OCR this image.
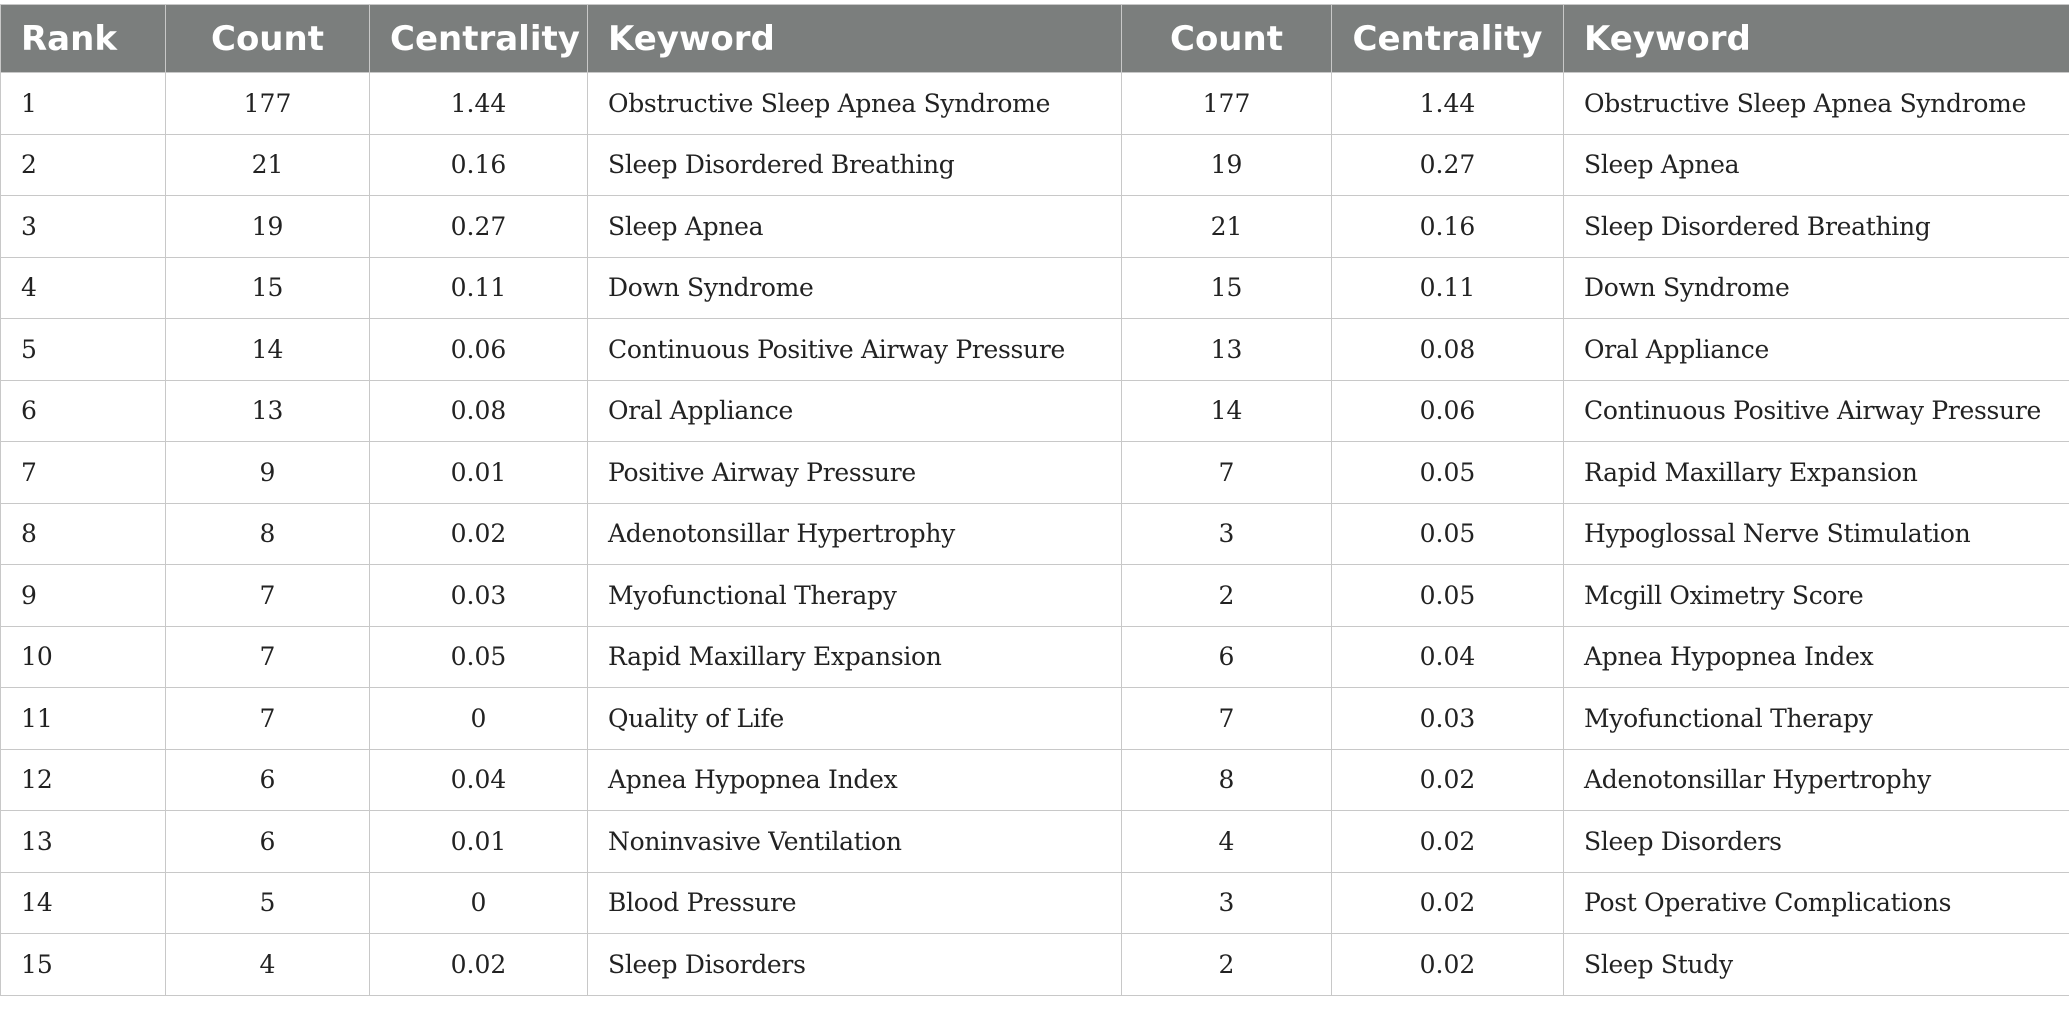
Rank	Count	Centrality	Keyword	Count	Centrality	Keyword
1	177	1.44	Obstructive Sleep Apnea Syndrome	177	1.44	Obstructive Sleep Apnea Syndrome
2	21	0.16	Sleep Disordered Breathing	19	0.27	Sleep Apnea
3	19	0.27	Sleep Apnea	21	0.16	Sleep Disordered Breathing
4	15	0.11	Down Syndrome	15	0.11	Down Syndrome
5	14	0.06	Continuous Positive Airway Pressure	13	0.08	Oral Appliance
6	13	0.08	Oral Appliance	14	0.06	Continuous Positive Airway Pressure
7	9	0.01	Positive Airway Pressure	7	0.05	Rapid Maxillary Expansion
8	8	0.02	Adenotonsillar Hypertrophy	3	0.05	Hypoglossal Nerve Stimulation
9	7	0.03	Myofunctional Therapy	2	0.05	Mcgill Oximetry Score
10	7	0.05	Rapid Maxillary Expansion	6	0.04	Apnea Hypopnea Index
11	7	0	Quality of Life	7	0.03	Myofunctional Therapy
12	6	0.04	Apnea Hypopnea Index	8	0.02	Adenotonsillar Hypertrophy
13	6	0.01	Noninvasive Ventilation	4	0.02	Sleep Disorders
14	5	0	Blood Pressure	3	0.02	Post Operative Complications
15	4	0.02	Sleep Disorders	2	0.02	Sleep Study
